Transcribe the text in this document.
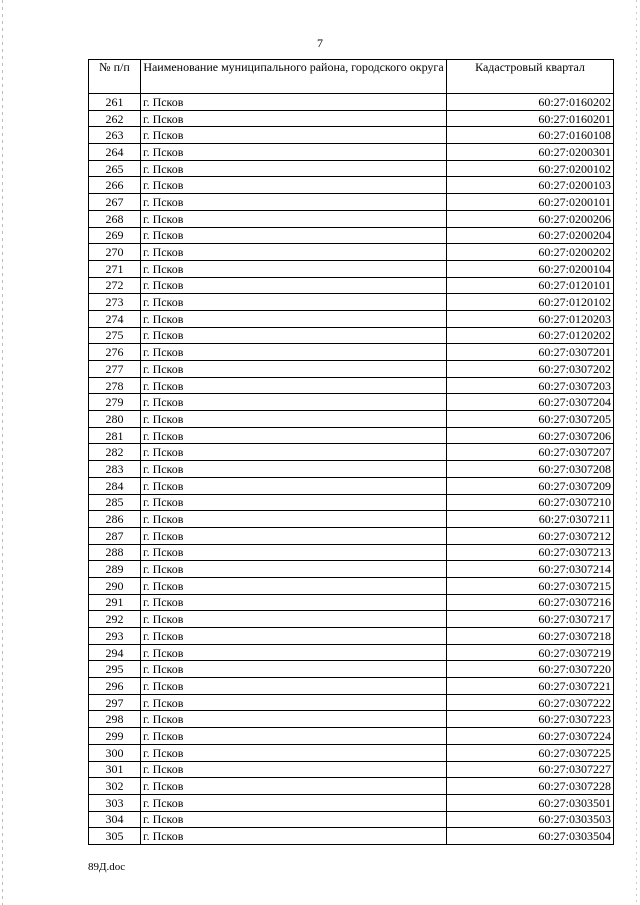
7
№ п/п	Наименование муниципального района, городского округа	Кадастровый квартал
261	г. Псков	60:27:0160202
262	г. Псков	60:27:0160201
263	г. Псков	60:27:0160108
264	г. Псков	60:27:0200301
265	г. Псков	60:27:0200102
266	г. Псков	60:27:0200103
267	г. Псков	60:27:0200101
268	г. Псков	60:27:0200206
269	г. Псков	60:27:0200204
270	г. Псков	60:27:0200202
271	г. Псков	60:27:0200104
272	г. Псков	60:27:0120101
273	г. Псков	60:27:0120102
274	г. Псков	60:27:0120203
275	г. Псков	60:27:0120202
276	г. Псков	60:27:0307201
277	г. Псков	60:27:0307202
278	г. Псков	60:27:0307203
279	г. Псков	60:27:0307204
280	г. Псков	60:27:0307205
281	г. Псков	60:27:0307206
282	г. Псков	60:27:0307207
283	г. Псков	60:27:0307208
284	г. Псков	60:27:0307209
285	г. Псков	60:27:0307210
286	г. Псков	60:27:0307211
287	г. Псков	60:27:0307212
288	г. Псков	60:27:0307213
289	г. Псков	60:27:0307214
290	г. Псков	60:27:0307215
291	г. Псков	60:27:0307216
292	г. Псков	60:27:0307217
293	г. Псков	60:27:0307218
294	г. Псков	60:27:0307219
295	г. Псков	60:27:0307220
296	г. Псков	60:27:0307221
297	г. Псков	60:27:0307222
298	г. Псков	60:27:0307223
299	г. Псков	60:27:0307224
300	г. Псков	60:27:0307225
301	г. Псков	60:27:0307227
302	г. Псков	60:27:0307228
303	г. Псков	60:27:0303501
304	г. Псков	60:27:0303503
305	г. Псков	60:27:0303504
89Д.doc
